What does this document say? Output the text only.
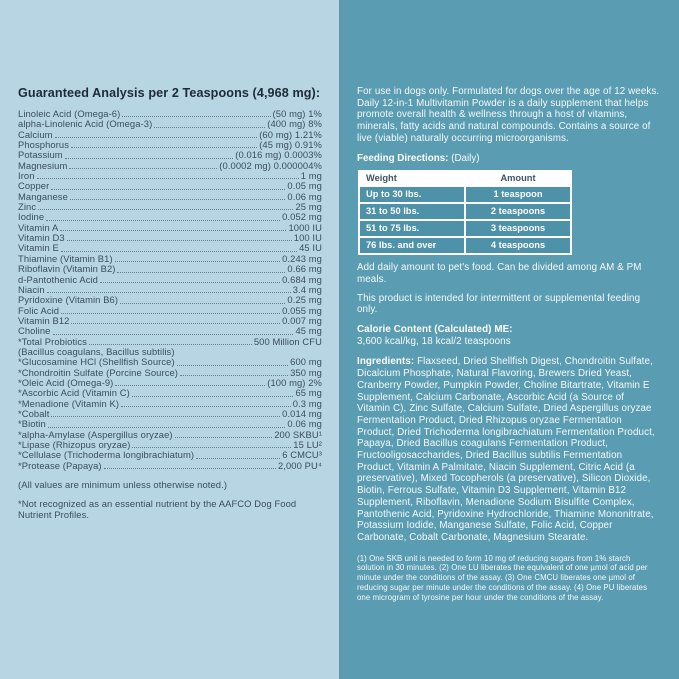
Guaranteed Analysis per 2 Teaspoons (4,968 mg):
Linoleic Acid (Omega-6)	(50 mg) 1%
alpha-Linolenic Acid (Omega-3)	(400 mg) 8%
Calcium	(60 mg) 1.21%
Phosphorus	(45 mg) 0.91%
Potassium	(0.016 mg) 0.0003%
Magnesium	(0.0002 mg) 0.000004%
Iron	1 mg
Copper	0.05 mg
Manganese	0.06 mg
Zinc	25 mg
Iodine	0.052 mg
Vitamin A	1000 IU
Vitamin D3	100 IU
Vitamin E	45 IU
Thiamine (Vitamin B1)	0.243 mg
Riboflavin (Vitamin B2)	0.66 mg
d-Pantothenic Acid	0.684 mg
Niacin	3.4 mg
Pyridoxine (Vitamin B6)	0.25 mg
Folic Acid	0.055 mg
Vitamin B12	0.007 mg
Choline	45 mg
*Total Probiotics	500 Million CFU
(Bacillus coagulans, Bacillus subtilis)
*Glucosamine HCl (Shellfish Source)	600 mg
*Chondroitin Sulfate (Porcine Source)	350 mg
*Oleic Acid (Omega-9)	(100 mg) 2%
*Ascorbic Acid (Vitamin C)	65 mg
*Menadione (Vitamin K)	0.3 mg
*Cobalt	0.014 mg
*Biotin	0.06 mg
*alpha-Amylase (Aspergillus oryzae)	200 SKBU¹
*Lipase (Rhizopus oryzae)	15 LU²
*Cellulase (Trichoderma longibrachiatum)	6 CMCU³
*Protease (Papaya)	2,000 PU⁴
(All values are minimum unless otherwise noted.)
*Not recognized as an essential nutrient by the AAFCO Dog Food Nutrient Profiles.

For use in dogs only. Formulated for dogs over the age of 12 weeks. Daily 12-in-1 Multivitamin Powder is a daily supplement that helps promote overall health & wellness through a host of vitamins, minerals, fatty acids and natural compounds. Contains a source of live (viable) naturally occurring microorganisms.

Feeding Directions: (Daily)
Weight	Amount
Up to 30 lbs.	1 teaspoon
31 to 50 lbs.	2 teaspoons
51 to 75 lbs.	3 teaspoons
76 lbs. and over	4 teaspoons

Add daily amount to pet's food. Can be divided among AM & PM meals.

This product is intended for intermittent or supplemental feeding only.

Calorie Content (Calculated) ME:
3,600 kcal/kg, 18 kcal/2 teaspoons

Ingredients: Flaxseed, Dried Shellfish Digest, Chondroitin Sulfate, Dicalcium Phosphate, Natural Flavoring, Brewers Dried Yeast, Cranberry Powder, Pumpkin Powder, Choline Bitartrate, Vitamin E Supplement, Calcium Carbonate, Ascorbic Acid (a Source of Vitamin C), Zinc Sulfate, Calcium Sulfate, Dried Aspergillus oryzae Fermentation Product, Dried Rhizopus oryzae Fermentation Product, Dried Trichoderma longibrachiatum Fermentation Product, Papaya, Dried Bacillus coagulans Fermentation Product, Fructooligosaccharides, Dried Bacillus subtilis Fermentation Product, Vitamin A Palmitate, Niacin Supplement, Citric Acid (a preservative), Mixed Tocopherols (a preservative), Silicon Dioxide, Biotin, Ferrous Sulfate, Vitamin D3 Supplement, Vitamin B12 Supplement, Riboflavin, Menadione Sodium Bisulfite Complex, Pantothenic Acid, Pyridoxine Hydrochloride, Thiamine Mononitrate, Potassium Iodide, Manganese Sulfate, Folic Acid, Copper Carbonate, Cobalt Carbonate, Magnesium Stearate.

(1) One SKB unit is needed to form 10 mg of reducing sugars from 1% starch solution in 30 minutes. (2) One LU liberates the equivalent of one µmol of acid per minute under the conditions of the assay. (3) One CMCU liberates one µmol of reducing sugar per minute under the conditions of the assay. (4) One PU liberates one microgram of tyrosine per hour under the conditions of the assay.
